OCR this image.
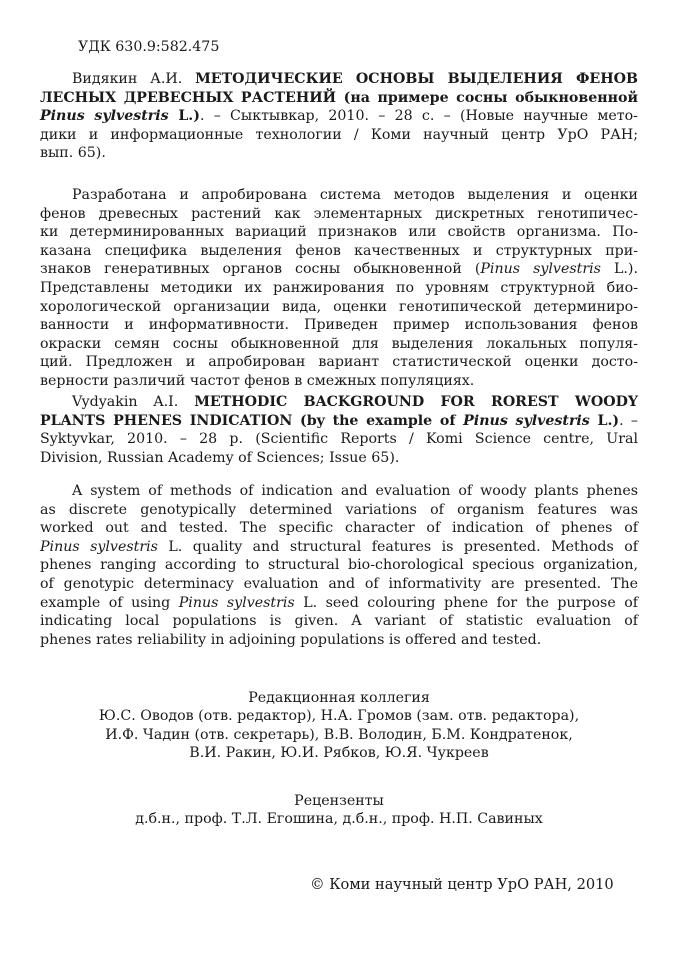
УДК 630.9:582.475
Видякин А.И. МЕТОДИЧЕСКИЕ ОСНОВЫ ВЫДЕЛЕНИЯ ФЕНОВ
ЛЕСНЫХ ДРЕВЕСНЫХ РАСТЕНИЙ (на примере сосны обыкновенной
Pinus sylvestris L.). – Сыктывкар, 2010. – 28 с. – (Новые научные мето-
дики и информационные технологии / Коми научный центр УрО РАН;
вып. 65).
Разработана и апробирована система методов выделения и оценки
фенов древесных растений как элементарных дискретных генотипичес-
ки детерминированных вариаций признаков или свойств организма. По-
казана специфика выделения фенов качественных и структурных при-
знаков генеративных органов сосны обыкновенной (Pinus sylvestris L.).
Представлены методики их ранжирования по уровням структурной био-
хорологической организации вида, оценки генотипической детерминиро-
ванности и информативности. Приведен пример использования фенов
окраски семян сосны обыкновенной для выделения локальных популя-
ций. Предложен и апробирован вариант статистической оценки досто-
верности различий частот фенов в смежных популяциях.
Vydyakin A.I. METHODIC BACKGROUND FOR ROREST WOODY
PLANTS PHENES INDICATION (by the example of Pinus sylvestris L.). –
Syktyvkar, 2010. – 28 p. (Scientific Reports / Komi Science centre, Ural
Division, Russian Academy of Sciences; Issue 65).
A system of methods of indication and evaluation of woody plants phenes
as discrete genotypically determined variations of organism features was
worked out and tested. The specific character of indication of phenes of
Pinus sylvestris L. quality and structural features is presented. Methods of
phenes ranging according to structural bio-chorological specious organization,
of genotypic determinacy evaluation and of informativity are presented. The
example of using Pinus sylvestris L. seed colouring phene for the purpose of
indicating local populations is given. A variant of statistic evaluation of
phenes rates reliability in adjoining populations is offered and tested.
Редакционная коллегия
Ю.С. Оводов (отв. редактор), Н.А. Громов (зам. отв. редактора),
И.Ф. Чадин (отв. секретарь), В.В. Володин, Б.М. Кондратенок,
В.И. Ракин, Ю.И. Рябков, Ю.Я. Чукреев
Рецензенты
д.б.н., проф. Т.Л. Егошина, д.б.н., проф. Н.П. Савиных
© Коми научный центр УрО РАН, 2010
